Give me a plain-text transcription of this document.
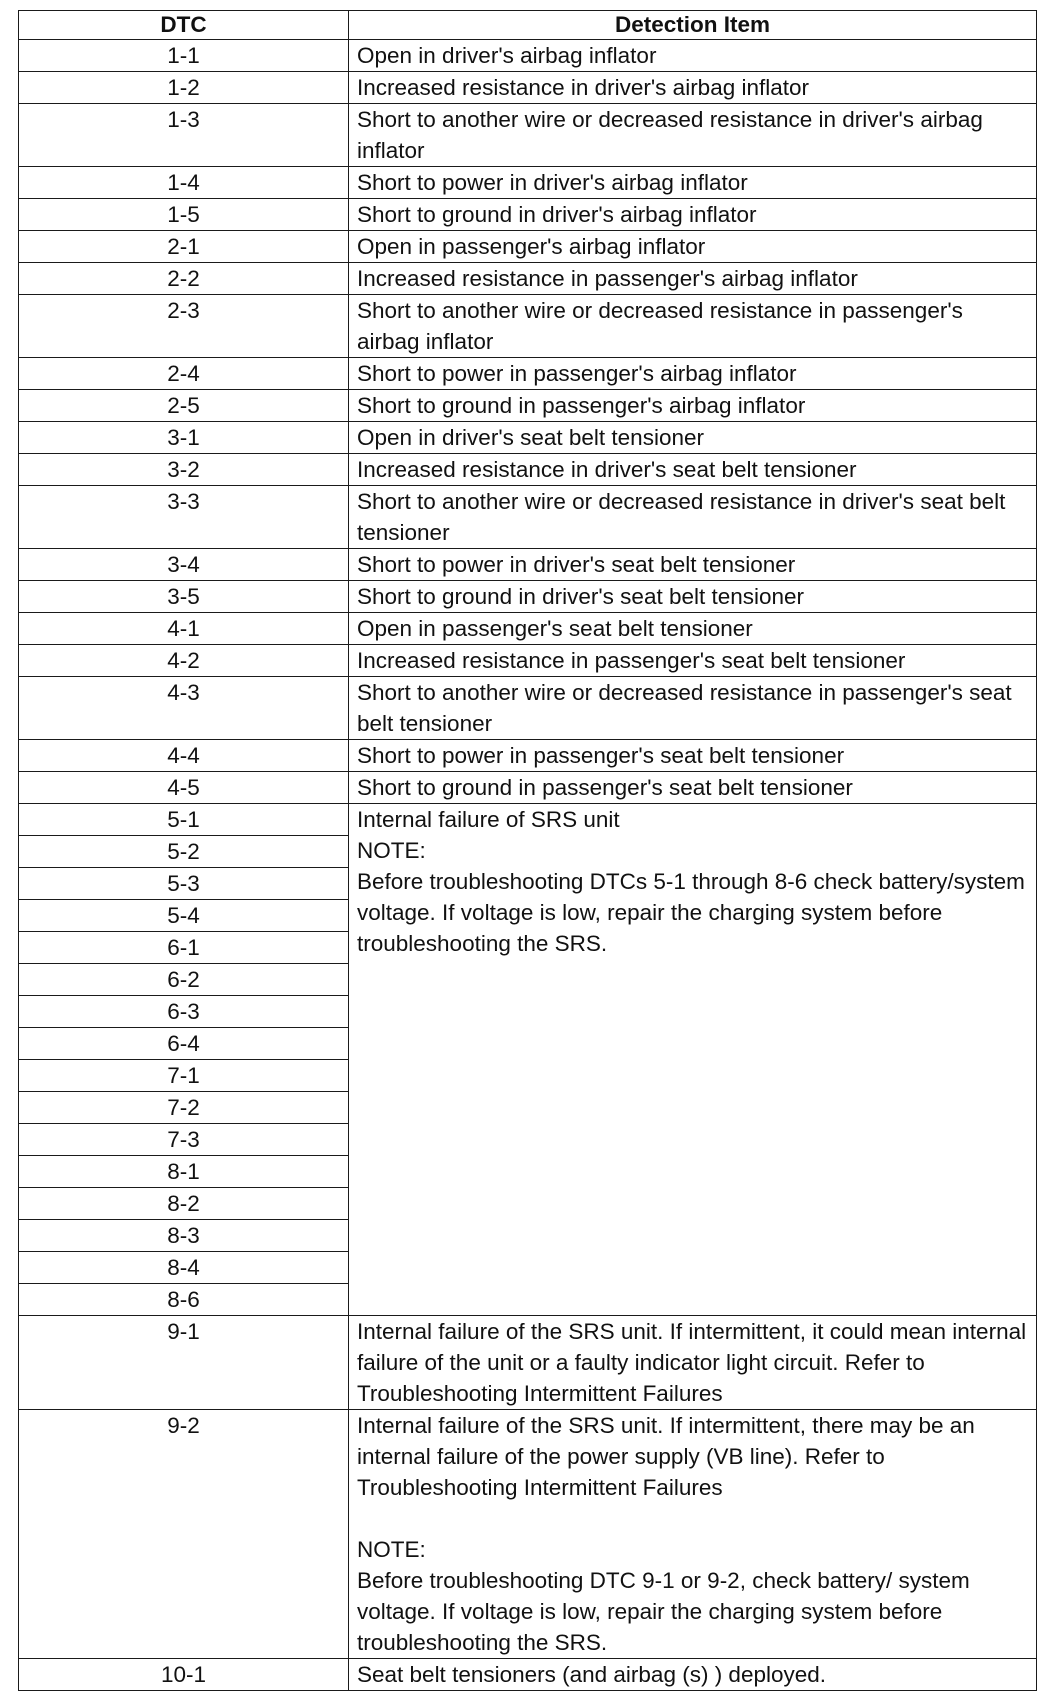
DTC	Detection Item
1-1	Open in driver's airbag inflator

1-2	Increased resistance in driver's airbag inflator

1-3	Short to another wire or decreased resistance in driver's airbag inflator

1-4	Short to power in driver's airbag inflator

1-5	Short to ground in driver's airbag inflator

2-1	Open in passenger's airbag inflator

2-2	Increased resistance in passenger's airbag inflator

2-3	Short to another wire or decreased resistance in passenger's airbag inflator

2-4	Short to power in passenger's airbag inflator

2-5	Short to ground in passenger's airbag inflator

3-1	Open in driver's seat belt tensioner

3-2	Increased resistance in driver's seat belt tensioner

3-3	Short to another wire or decreased resistance in driver's seat belt tensioner

3-4	Short to power in driver's seat belt tensioner

3-5	Short to ground in driver's seat belt tensioner

4-1	Open in passenger's seat belt tensioner

4-2	Increased resistance in passenger's seat belt tensioner

4-3	Short to another wire or decreased resistance in passenger's seat belt tensioner

4-4	Short to power in passenger's seat belt tensioner

4-5	Short to ground in passenger's seat belt tensioner

5-1	Internal failure of SRS unit

NOTE:

Before troubleshooting DTCs 5-1 through 8-6 check battery/system voltage. If voltage is low, repair the charging system before troubleshooting the SRS.

5-2	
5-3	
5-4	
6-1	
6-2	
6-3	
6-4	
7-1	
7-2	
7-3	
8-1	
8-2	
8-3	
8-4	
8-6	
9-1	Internal failure of the SRS unit. If intermittent, it could mean internal failure of the unit or a faulty indicator light circuit. Refer to Troubleshooting Intermittent Failures

9-2	Internal failure of the SRS unit. If intermittent, there may be an internal failure of the power supply (VB line). Refer to Troubleshooting Intermittent Failures

NOTE:

Before troubleshooting DTC 9-1 or 9-2, check battery/ system voltage. If voltage is low, repair the charging system before troubleshooting the SRS.

10-1	Seat belt tensioners (and airbag (s) ) deployed.
